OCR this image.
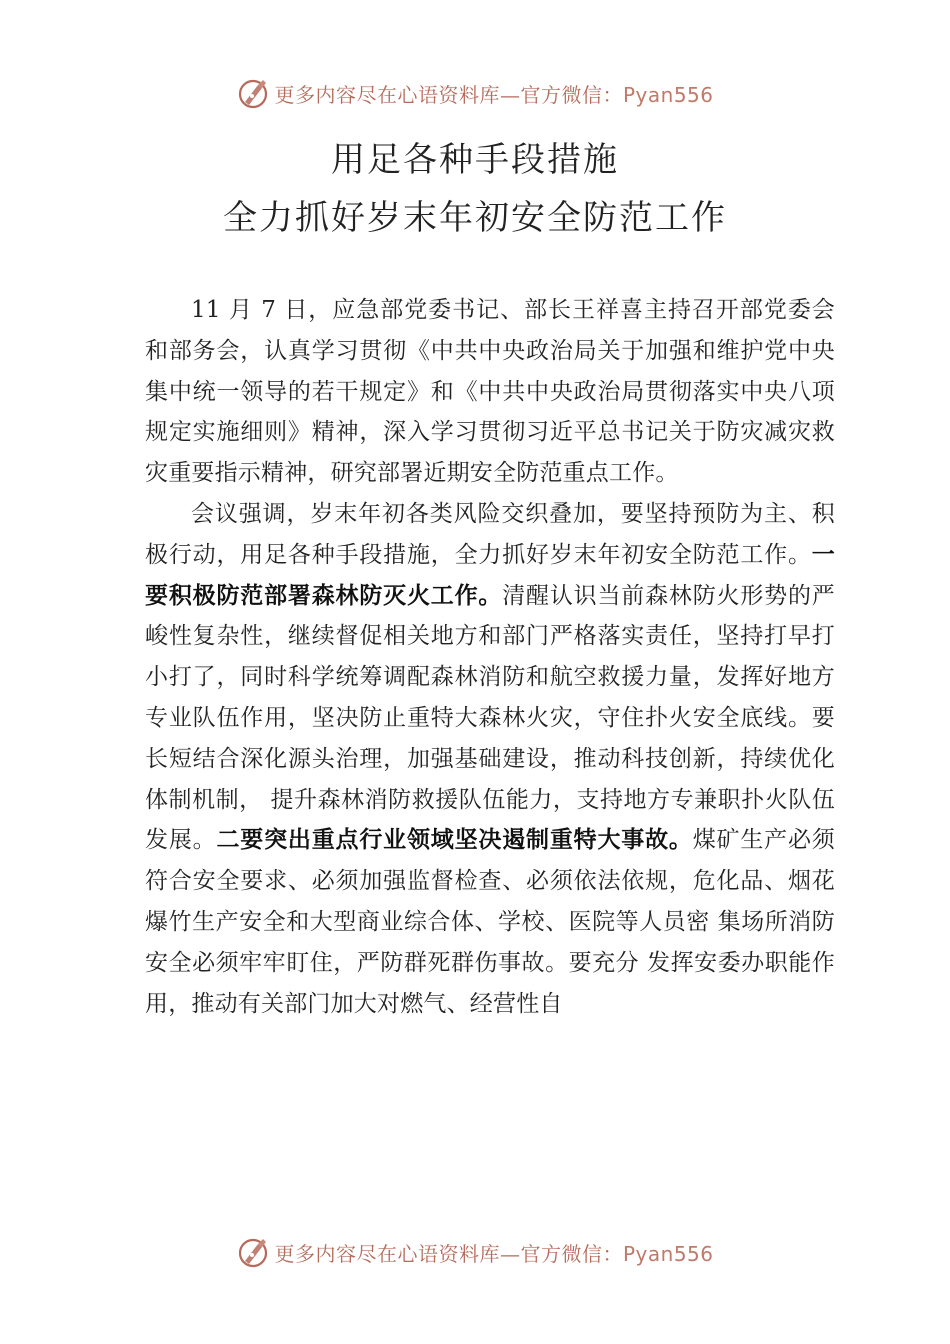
更多内容尽在心语资料库—官方微信：Pyan556
用足各种手段措施
全力抓好岁末年初安全防范工作

11 月 7 日，应急部党委书记、部长王祥喜主持召开部党委会和部务会，认真学习贯彻《中共中央政治局关于加强和维护党中央集中统一领导的若干规定》和《中共中央政治局贯彻落实中央八项规定实施细则》精神，深入学习贯彻习近平总书记关于防灾减灾救灾重要指示精神，研究部署近期安全防范重点工作。

会议强调，岁末年初各类风险交织叠加，要坚持预防为主、积极行动，用足各种手段措施，全力抓好岁末年初安全防范工作。一要积极防范部署森林防灭火工作。清醒认识当前森林防火形势的严峻性复杂性，继续督促相关地方和部门严格落实责任，坚持打早打小打了，同时科学统筹调配森林消防和航空救援力量，发挥好地方专业队伍作用，坚决防止重特大森林火灾，守住扑火安全底线。要长短结合深化源头治理，加强基础建设，推动科技创新，持续优化体制机制， 提升森林消防救援队伍能力，支持地方专兼职扑火队伍发展。二要突出重点行业领域坚决遏制重特大事故。煤矿生产必须符合安全要求、必须加强监督检查、必须依法依规，危化品、烟花爆竹生产安全和大型商业综合体、学校、医院等人员密 集场所消防安全必须牢牢盯住，严防群死群伤事故。要充分 发挥安委办职能作用，推动有关部门加大对燃气、经营性自

更多内容尽在心语资料库—官方微信：Pyan556
